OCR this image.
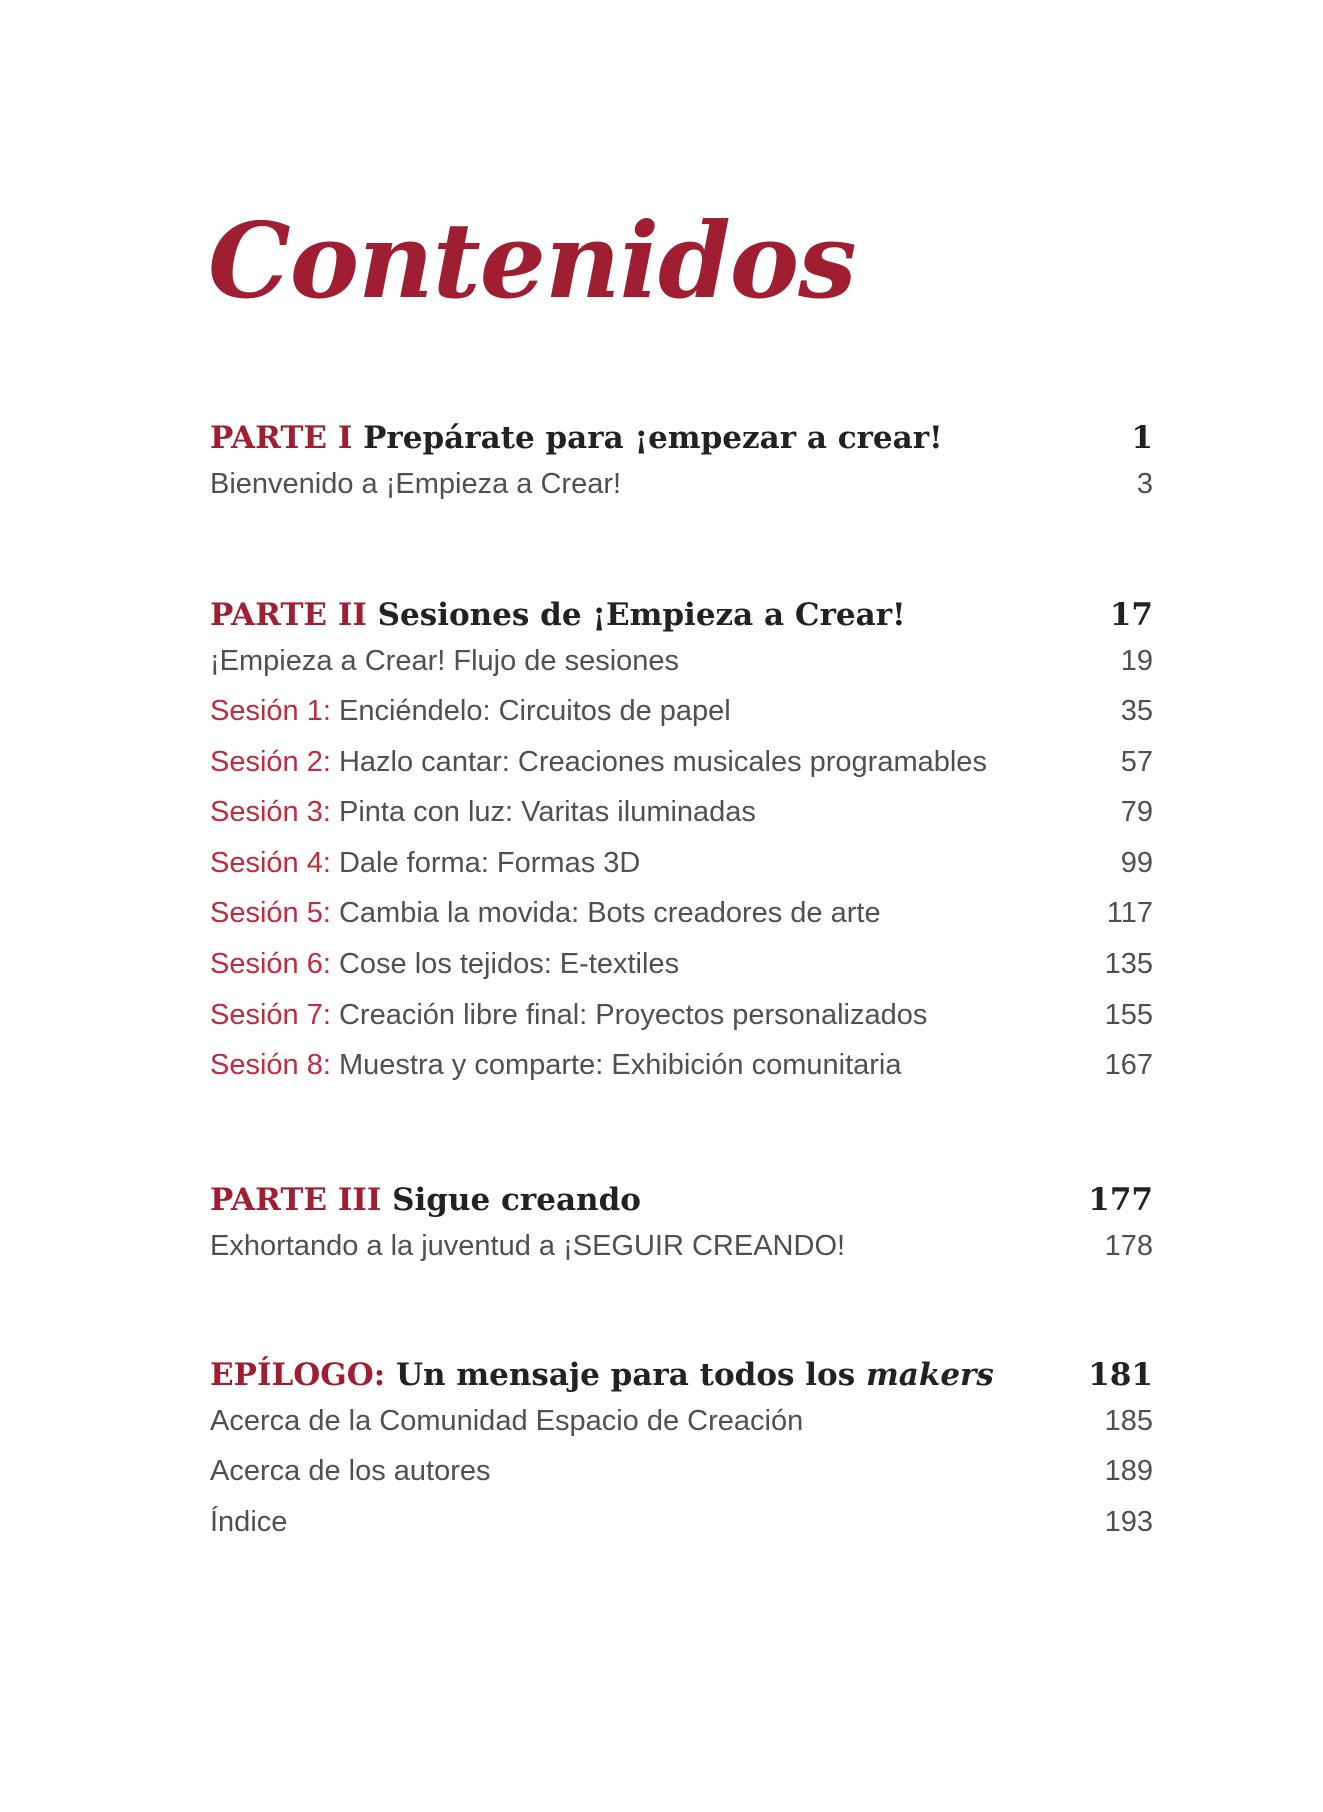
Contenidos
PARTE I Prepárate para ¡empezar a crear!	1
Bienvenido a ¡Empieza a Crear!	3
PARTE II Sesiones de ¡Empieza a Crear!	17
¡Empieza a Crear! Flujo de sesiones	19
Sesión 1: Enciéndelo: Circuitos de papel	35
Sesión 2: Hazlo cantar: Creaciones musicales programables	57
Sesión 3: Pinta con luz: Varitas iluminadas	79
Sesión 4: Dale forma: Formas 3D	99
Sesión 5: Cambia la movida: Bots creadores de arte	117
Sesión 6: Cose los tejidos: E-textiles	135
Sesión 7: Creación libre final: Proyectos personalizados	155
Sesión 8: Muestra y comparte: Exhibición comunitaria	167
PARTE III Sigue creando	177
Exhortando a la juventud a ¡SEGUIR CREANDO!	178
EPÍLOGO: Un mensaje para todos los makers	181
Acerca de la Comunidad Espacio de Creación	185
Acerca de los autores	189
Índice	193
